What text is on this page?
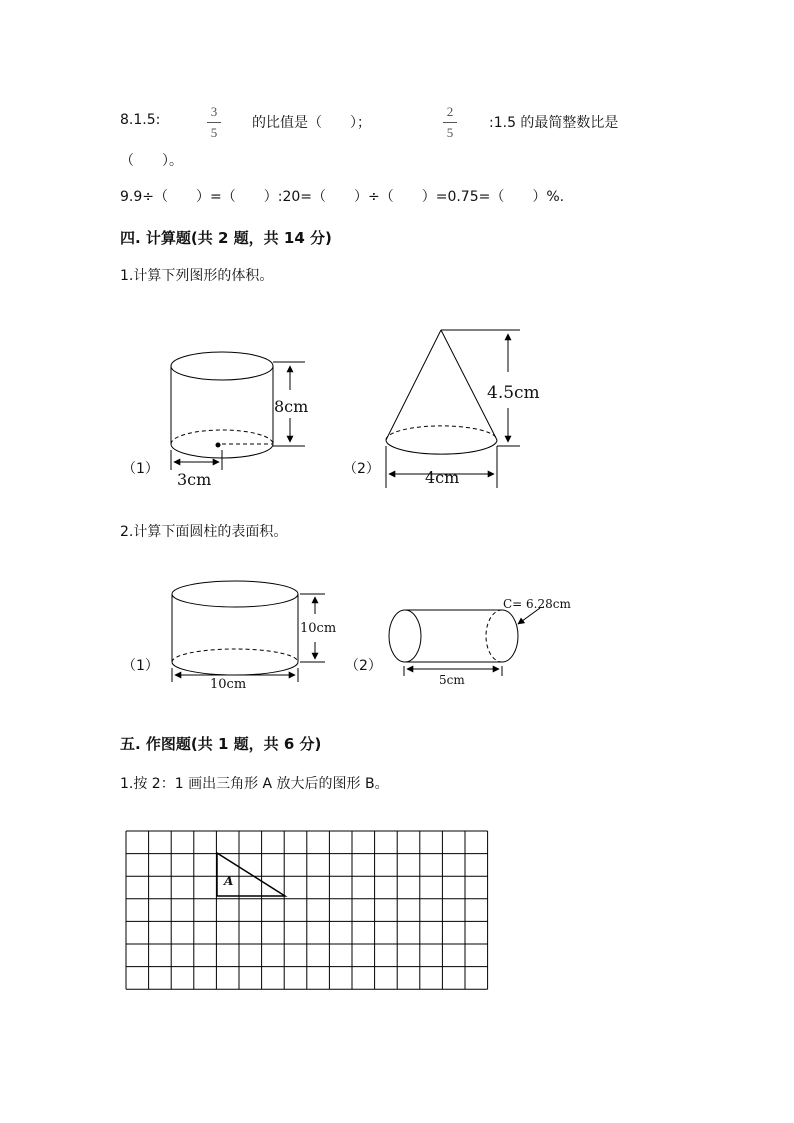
8.1.5:
3
5
的比值是（　　）；
2
5
:1.5 的最简整数比是
（　　）。
9.9÷（　　）=（　　）:20=（　　）÷（　　）=0.75=（　　）%.
四. 计算题(共 2 题，共 14 分)
1.计算下列图形的体积。
（1）
8cm
3cm
（2）
4.5cm
4cm
2.计算下面圆柱的表面积。
（1）
10cm
10cm
（2）
C= 6.28cm
5cm
五. 作图题(共 1 题，共 6 分)
1.按 2：1 画出三角形 A 放大后的图形 B。
A
